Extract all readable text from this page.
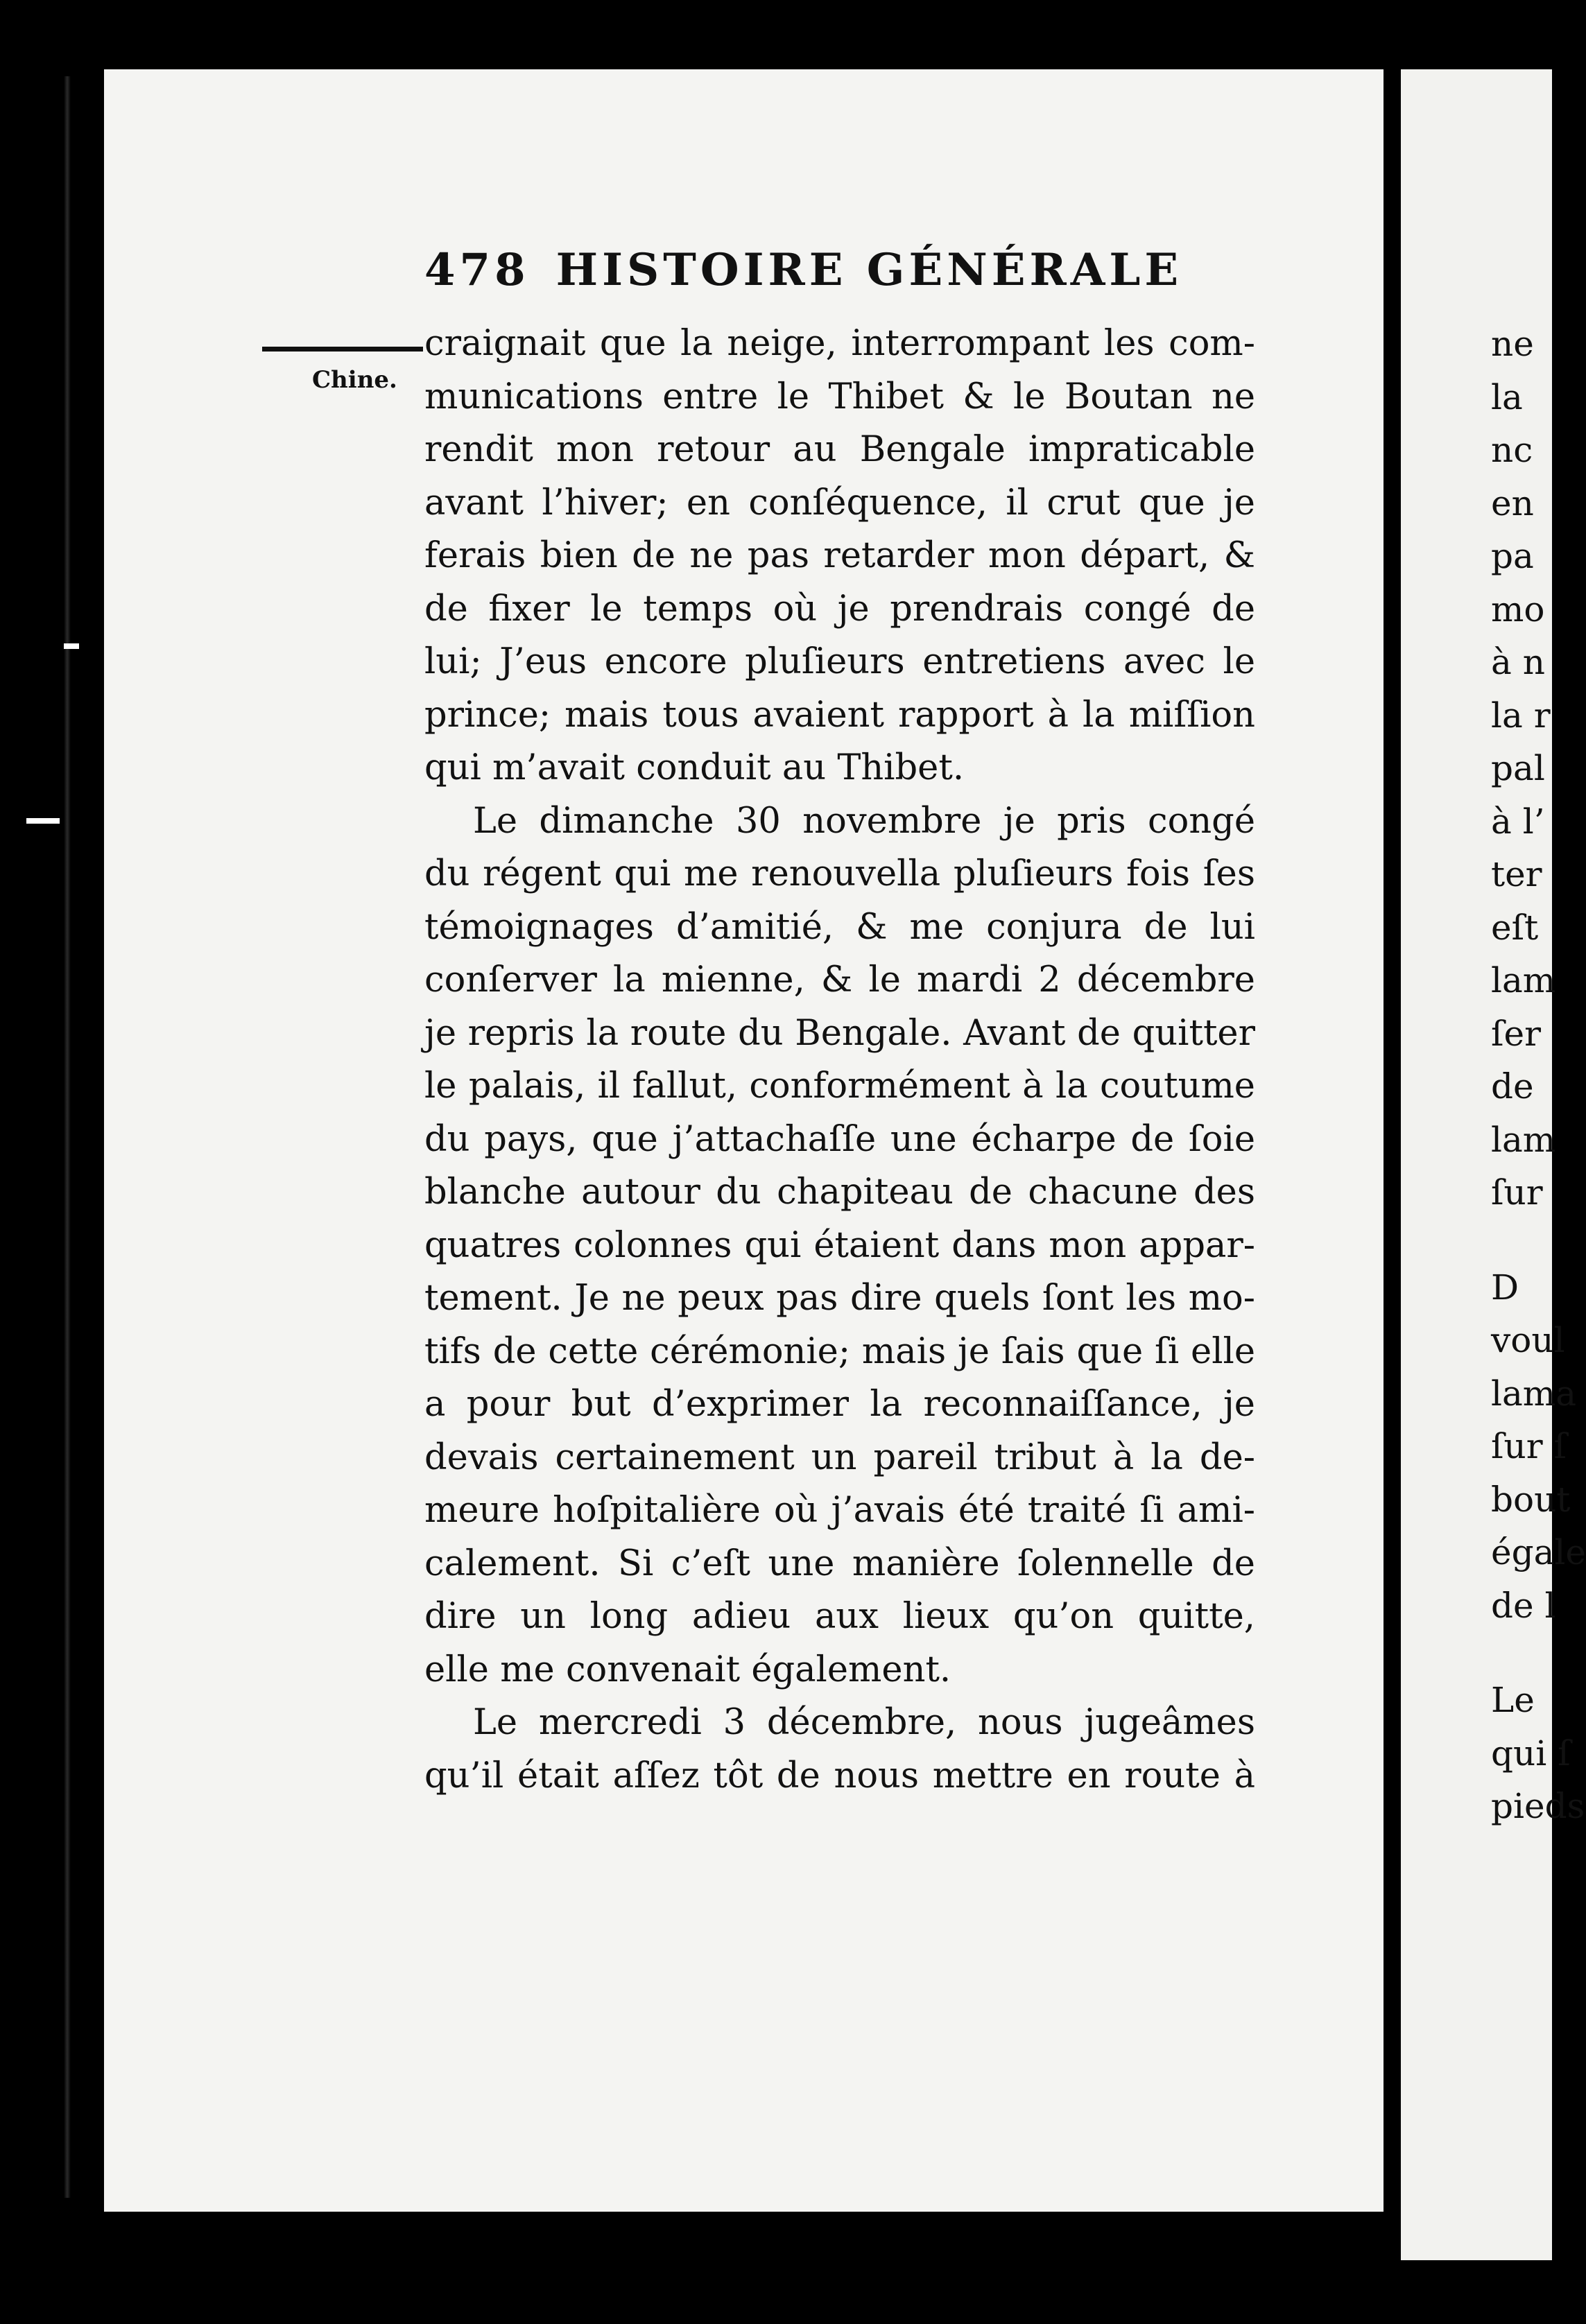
478 HISTOIRE GÉNÉRALE
Chine.
craignait que la neige, interrompant les com-
munications entre le Thibet & le Boutan ne
rendit mon retour au Bengale impraticable
avant l’hiver; en conſéquence, il crut que je
ferais bien de ne pas retarder mon départ, &
de fixer le temps où je prendrais congé de
lui; J’eus encore pluſieurs entretiens avec le
prince; mais tous avaient rapport à la miſſion
qui m’avait conduit au Thibet.
Le dimanche 30 novembre je pris congé
du régent qui me renouvella pluſieurs fois ſes
témoignages d’amitié, & me conjura de lui
conſerver la mienne, & le mardi 2 décembre
je repris la route du Bengale. Avant de quitter
le palais, il fallut, conformément à la coutume
du pays, que j’attachaſſe une écharpe de ſoie
blanche autour du chapiteau de chacune des
quatres colonnes qui étaient dans mon appar-
tement. Je ne peux pas dire quels ſont les mo-
tifs de cette cérémonie; mais je ſais que ſi elle
a pour but d’exprimer la reconnaiſſance, je
devais certainement un pareil tribut à la de-
meure hoſpitalière où j’avais été traité ſi ami-
calement. Si c’eſt une manière ſolennelle de
dire un long adieu aux lieux qu’on quitte,
elle me convenait également.
Le mercredi 3 décembre, nous jugeâmes
qu’il était aſſez tôt de nous mettre en route à
ne
la
nc
en
pa
mo
à n
la r
pal
à l’
ter
eſt
lam
ſer
de
lam
ſur
D
voul
lama
ſur ſ
bout
égale
de l
Le
qui ſ
pieds
